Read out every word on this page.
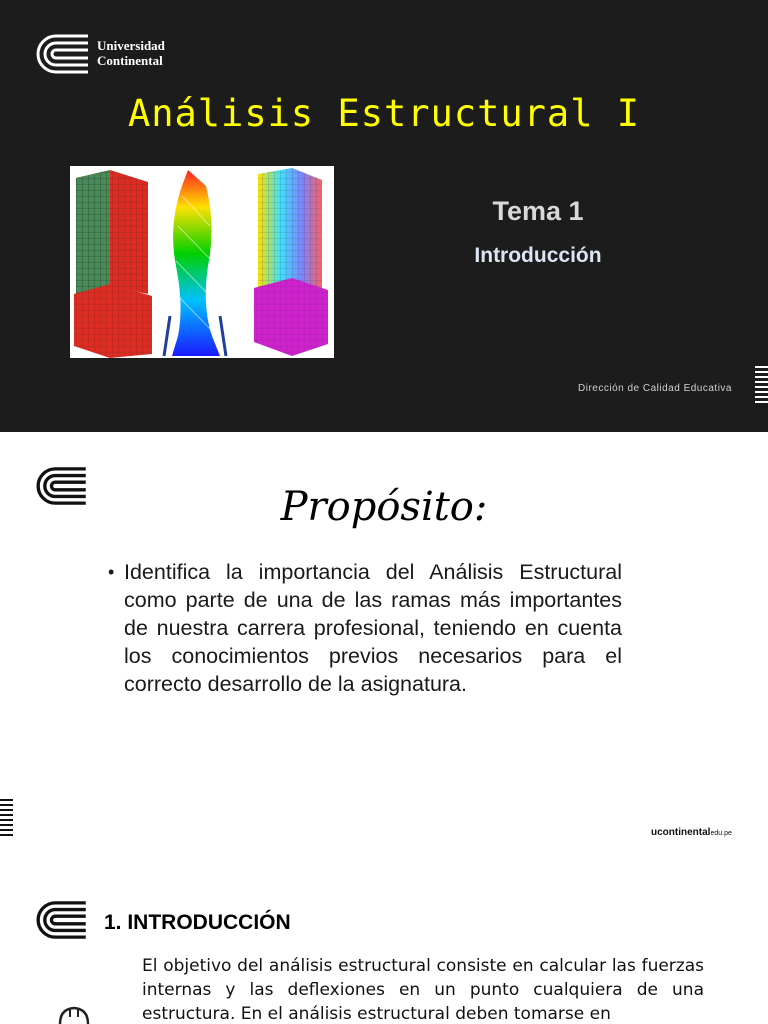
Universidad
Continental
Análisis Estructural I
Tema 1
Introducción
Dirección de Calidad Educativa
Propósito:
• Identifica la importancia del Análisis Estructural como parte de una de las ramas más importantes de nuestra carrera profesional, teniendo en cuenta los conocimientos previos necesarios para el correcto desarrollo de la asignatura.
ucontinentaledu.pe
1. INTRODUCCIÓN
El objetivo del análisis estructural consiste en calcular las fuerzas internas y las deflexiones en un punto cualquiera de una estructura. En el análisis estructural deben tomarse en
